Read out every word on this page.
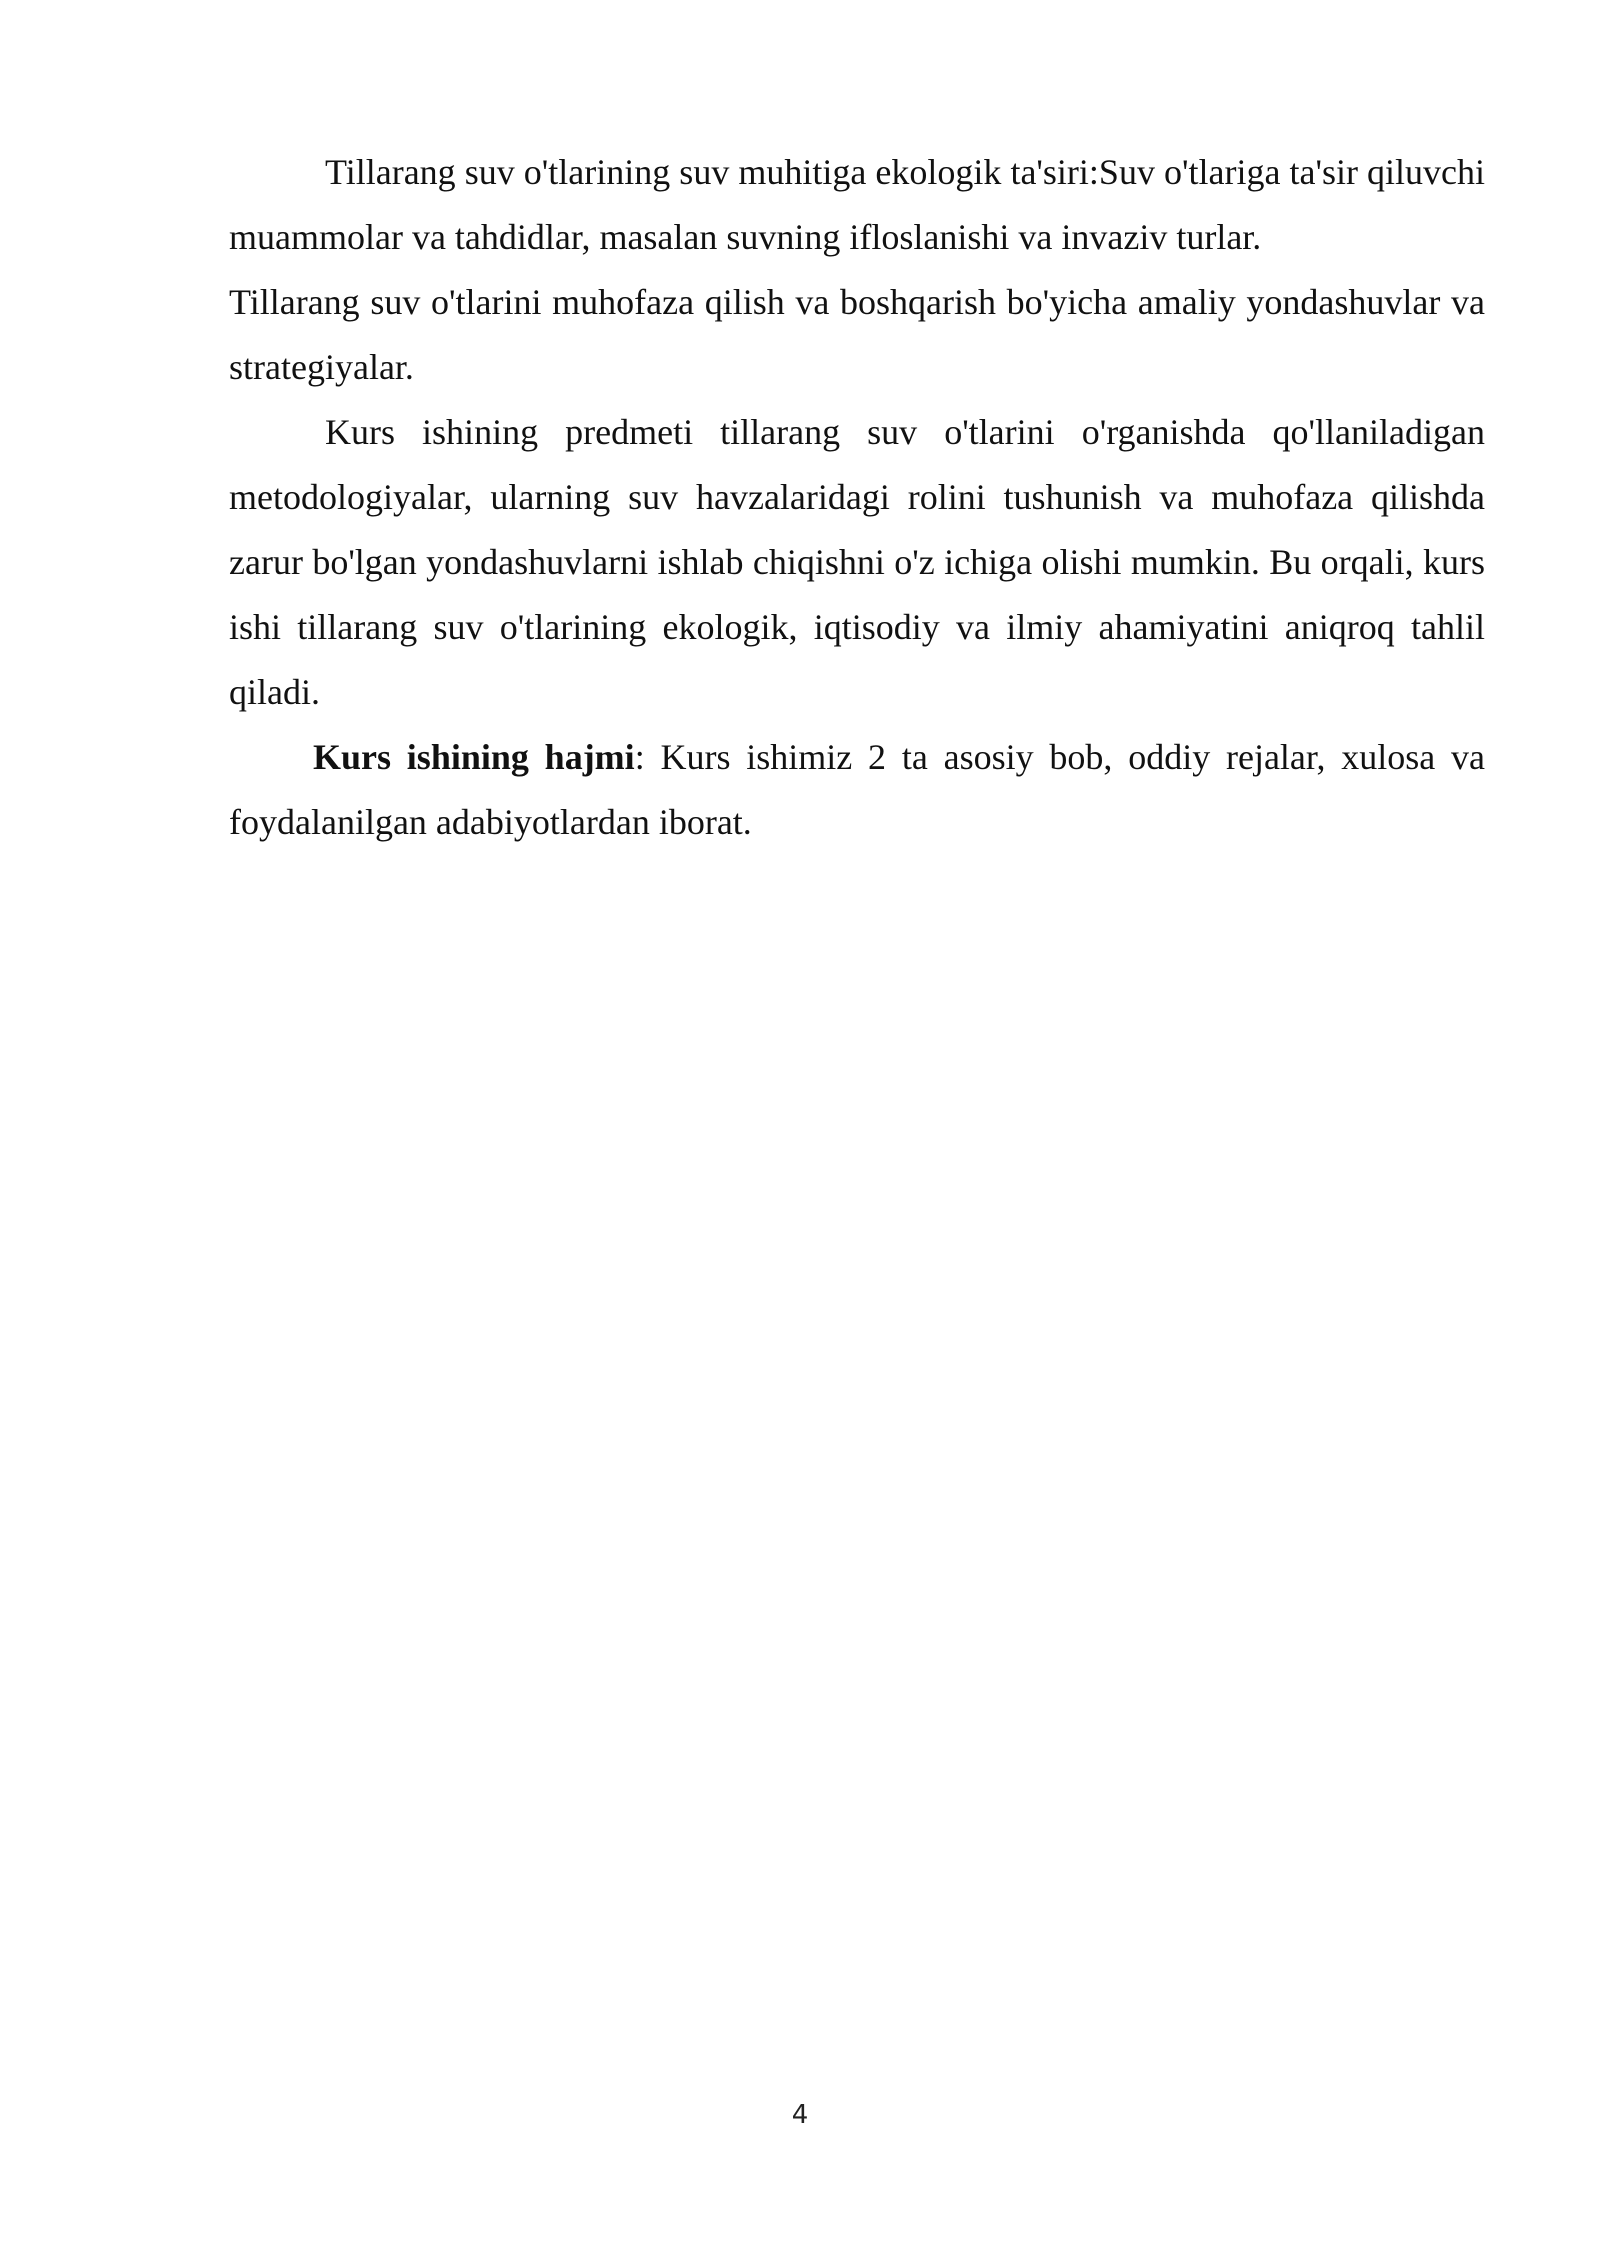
Tillarang suv o'tlarining suv muhitiga ekologik ta'siri:Suv o'tlariga ta'sir qiluvchi muammolar va tahdidlar, masalan suvning ifloslanishi va invaziv turlar.

Tillarang suv o'tlarini muhofaza qilish va boshqarish bo'yicha amaliy yondashuvlar va strategiyalar.

Kurs ishining predmeti tillarang suv o'tlarini o'rganishda qo'llaniladigan metodologiyalar, ularning suv havzalaridagi rolini tushunish va muhofaza qilishda zarur bo'lgan yondashuvlarni ishlab chiqishni o'z ichiga olishi mumkin. Bu orqali, kurs ishi tillarang suv o'tlarining ekologik, iqtisodiy va ilmiy ahamiyatini aniqroq tahlil qiladi.

Kurs ishining hajmi: Kurs ishimiz 2 ta asosiy bob, oddiy rejalar, xulosa va foydalanilgan adabiyotlardan iborat.

4
